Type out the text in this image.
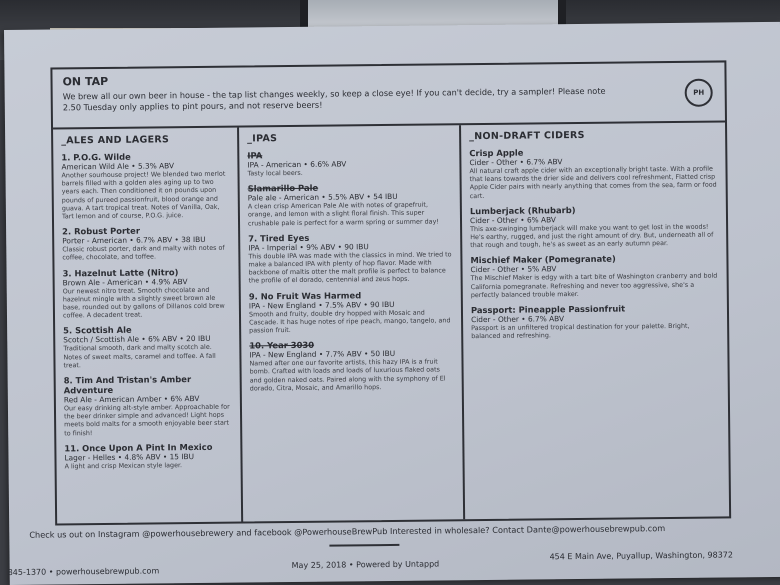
ON TAP
We brew all our own beer in house - the tap list changes weekly, so keep a close eye! If you can't decide, try a sampler! Please note 2.50 Tuesday only applies to pint pours, and not reserve beers!
PH
_ALES AND LAGERS
1. P.O.G. Wilde
American Wild Ale • 5.3% ABV
Another sourhouse project! We blended two merlot barrels filled with a golden ales aging up to two years each. Then conditioned it on pounds upon pounds of pureed passionfruit, blood orange and guava. A tart tropical treat. Notes of Vanilla, Oak, Tart lemon and of course, P.O.G. juice.
2. Robust Porter
Porter - American • 6.7% ABV • 38 IBU
Classic robust porter, dark and malty with notes of coffee, chocolate, and toffee.
3. Hazelnut Latte (Nitro)
Brown Ale - American • 4.9% ABV
Our newest nitro treat. Smooth chocolate and hazelnut mingle with a slightly sweet brown ale base, rounded out by gallons of Dillanos cold brew coffee. A decadent treat.
5. Scottish Ale
Scotch / Scottish Ale • 6% ABV • 20 IBU
Traditional smooth, dark and malty scotch ale. Notes of sweet malts, caramel and toffee. A fall treat.
8. Tim And Tristan's Amber Adventure
Red Ale - American Amber • 6% ABV
Our easy drinking alt-style amber. Approachable for the beer drinker simple and advanced! Light hops meets bold malts for a smooth enjoyable beer start to finish!
11. Once Upon A Pint In Mexico
Lager - Helles • 4.8% ABV • 15 IBU
A light and crisp Mexican style lager.
_IPAS
IPA
IPA - American • 6.6% ABV
Tasty local beers.
Slamarillo Pale
Pale ale - American • 5.5% ABV • 54 IBU
A clean crisp American Pale Ale with notes of grapefruit, orange, and lemon with a slight floral finish. This super crushable pale is perfect for a warm spring or summer day!
7. Tired Eyes
IPA - Imperial • 9% ABV • 90 IBU
This double IPA was made with the classics in mind. We tried to make a balanced IPA with plenty of hop flavor. Made with backbone of maltis otter the malt profile is perfect to balance the profile of el dorado, centennial and zeus hops.
9. No Fruit Was Harmed
IPA - New England • 7.5% ABV • 90 IBU
Smooth and fruity, double dry hopped with Mosaic and Cascade. It has huge notes of ripe peach, mango, tangelo, and passion fruit.
10. Year 3030
IPA - New England • 7.7% ABV • 50 IBU
Named after one our favorite artists, this hazy IPA is a fruit bomb. Crafted with loads and loads of luxurious flaked oats and golden naked oats. Paired along with the symphony of El dorado, Citra, Mosaic, and Amarillo hops.
_NON-DRAFT CIDERS
Crisp Apple
Cider - Other • 6.7% ABV
All natural craft apple cider with an exceptionally bright taste. With a profile that leans towards the drier side and delivers cool refreshment, Flatted crisp Apple Cider pairs with nearly anything that comes from the sea, farm or food cart.
Lumberjack (Rhubarb)
Cider - Other • 6% ABV
This axe-swinging lumberjack will make you want to get lost in the woods! He's earthy, rugged, and just the right amount of dry. But, underneath all of that rough and tough, he's as sweet as an early autumn pear.
Mischief Maker (Pomegranate)
Cider - Other • 5% ABV
The Mischief Maker is edgy with a tart bite of Washington cranberry and bold California pomegranate. Refreshing and never too aggressive, she's a perfectly balanced trouble maker.
Passport: Pineapple Passionfruit
Cider - Other • 6.7% ABV
Passport is an unfiltered tropical destination for your palette. Bright, balanced and refreshing.
Check us out on Instagram @powerhousebrewery and facebook @PowerhouseBrewPub Interested in wholesale? Contact Dante@powerhousebrewpub.com
845-1370 • powerhousebrewpub.com
May 25, 2018 • Powered by Untappd
454 E Main Ave, Puyallup, Washington, 98372
